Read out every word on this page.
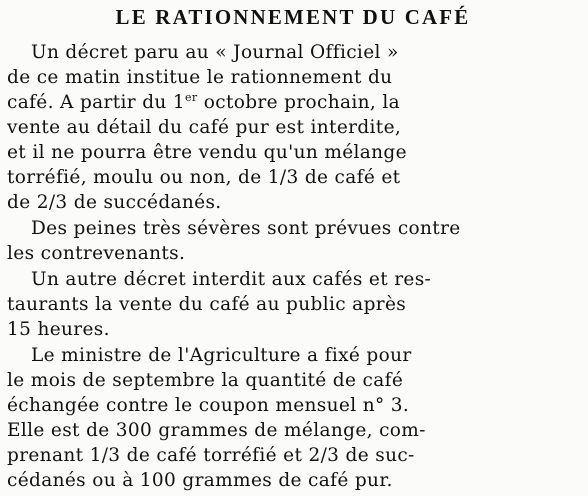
LE RATIONNEMENT DU CAFÉ
Un décret paru au « Journal Officiel »
de ce matin institue le rationnement du
café. A partir du 1er octobre prochain, la
vente au détail du café pur est interdite,
et il ne pourra être vendu qu'un mélange
torréfié, moulu ou non, de 1/3 de café et
de 2/3 de succédanés.
Des peines très sévères sont prévues contre
les contrevenants.
Un autre décret interdit aux cafés et res-
taurants la vente du café au public après
15 heures.
Le ministre de l'Agriculture a fixé pour
le mois de septembre la quantité de café
échangée contre le coupon mensuel n° 3.
Elle est de 300 grammes de mélange, com-
prenant 1/3 de café torréfié et 2/3 de suc-
cédanés ou à 100 grammes de café pur.
